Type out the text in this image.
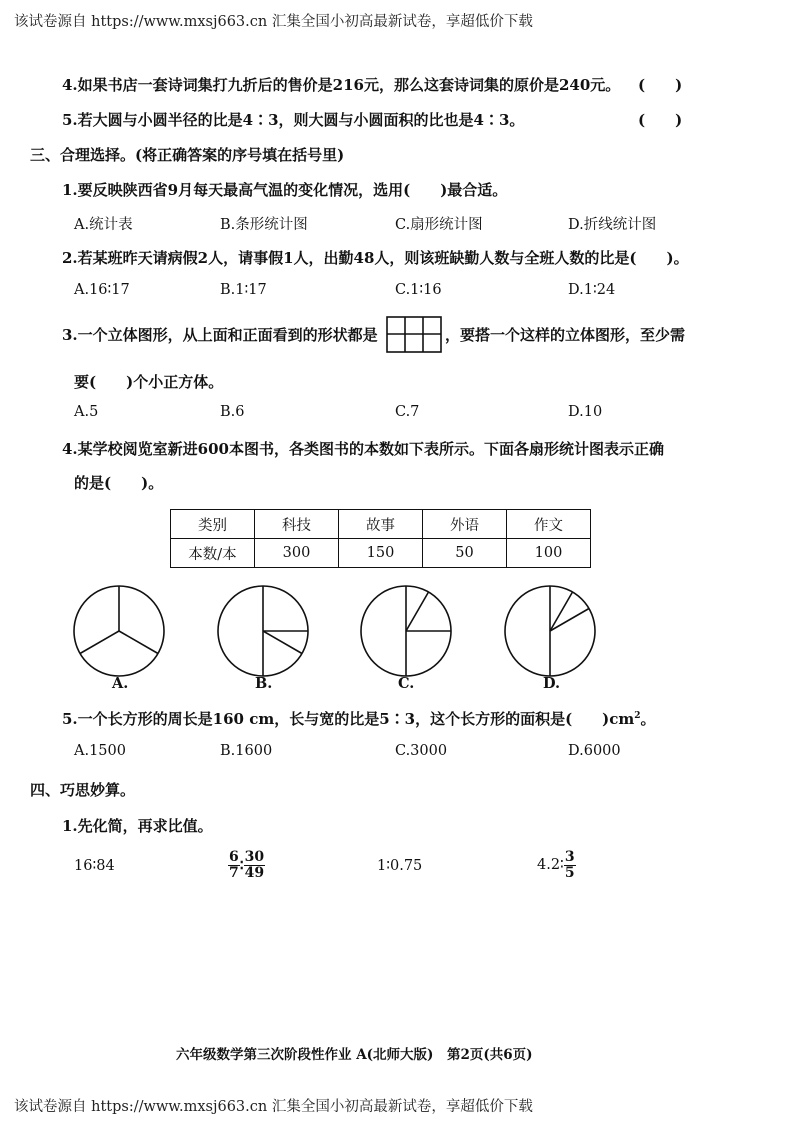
该试卷源自 https://www.mxsj663.cn 汇集全国小初高最新试卷，享超低价下载
4.如果书店一套诗词集打九折后的售价是216元，那么这套诗词集的原价是240元。 (　　)
5.若大圆与小圆半径的比是4∶3，则大圆与小圆面积的比也是4∶3。	(　　)
三、合理选择。(将正确答案的序号填在括号里)
1.要反映陕西省9月每天最高气温的变化情况，选用(　　)最合适。
A.统计表	B.条形统计图	C.扇形统计图	D.折线统计图
2.若某班昨天请病假2人，请事假1人，出勤48人，则该班缺勤人数与全班人数的比是(　　)。
A.16∶17	B.1∶17	C.1∶16	D.1∶24
3.一个立体图形，从上面和正面看到的形状都是	，要搭一个这样的立体图形，至少需
要(　　)个小正方体。
A.5	B.6	C.7	D.10
4.某学校阅览室新进600本图书，各类图书的本数如下表所示。下面各扇形统计图表示正确
的是(　　)。
类别	科技	故事	外语	作文
本数/本	300	150	50	100
A.	B.	C.	D.
5.一个长方形的周长是160 cm，长与宽的比是5∶3，这个长方形的面积是(　　)$cm^2$。
A.1500	B.1600	C.3000	D.6000
四、巧思妙算。
1.先化简，再求比值。
16∶84	$\frac{6}{7}$ ∶ $\frac{30}{49}$	1∶0.75	4.2∶ $\frac{3}{5}$
六年级数学第三次阶段性作业 A(北师大版)　第2页(共6页)
该试卷源自 https://www.mxsj663.cn 汇集全国小初高最新试卷，享超低价下载
